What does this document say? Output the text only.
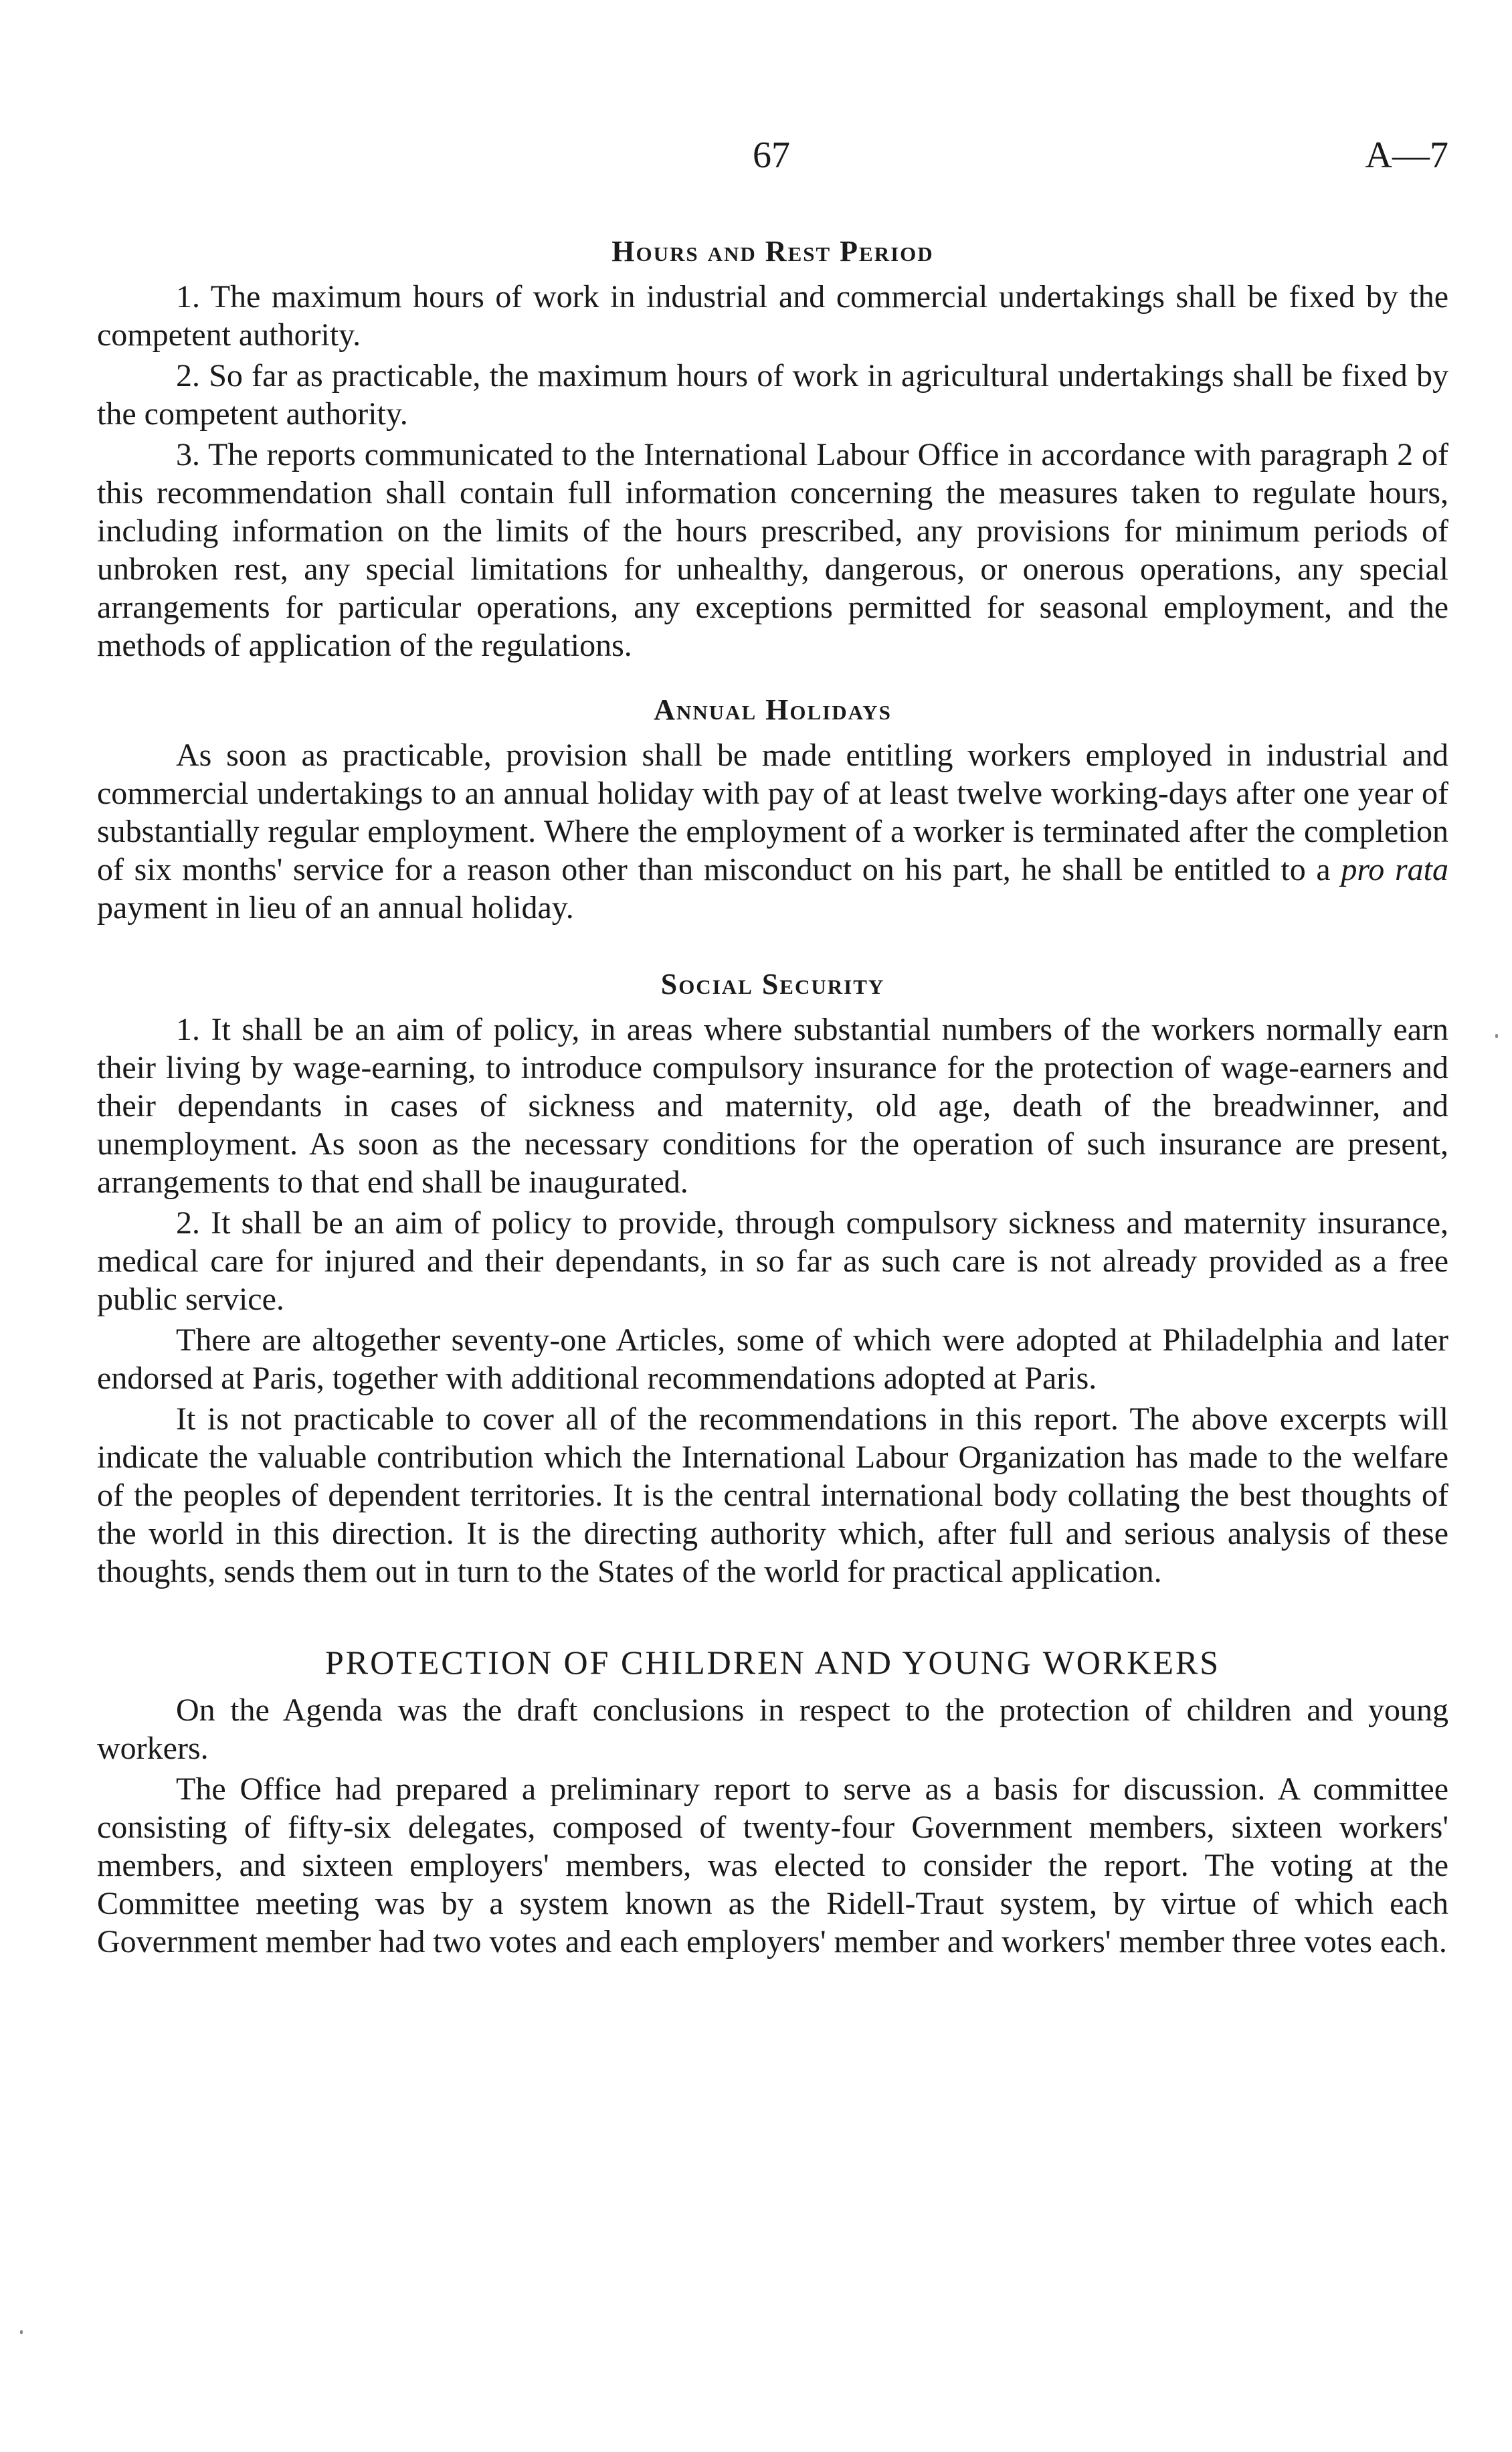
67	A—7
Hours and Rest Period

1. The maximum hours of work in industrial and commercial undertakings shall be fixed by the competent authority.

2. So far as practicable, the maximum hours of work in agricultural undertakings shall be fixed by the competent authority.

3. The reports communicated to the International Labour Office in accordance with paragraph 2 of this recommendation shall contain full information concerning the measures taken to regulate hours, including information on the limits of the hours prescribed, any provisions for minimum periods of unbroken rest, any special limitations for unhealthy, dangerous, or onerous operations, any special arrangements for particular operations, any exceptions permitted for seasonal employment, and the methods of application of the regulations.

Annual Holidays

As soon as practicable, provision shall be made entitling workers employed in industrial and commercial undertakings to an annual holiday with pay of at least twelve working-days after one year of substantially regular employment. Where the employment of a worker is terminated after the completion of six months' service for a reason other than misconduct on his part, he shall be entitled to a pro rata payment in lieu of an annual holiday.

Social Security

1. It shall be an aim of policy, in areas where substantial numbers of the workers normally earn their living by wage-earning, to introduce compulsory insurance for the protection of wage-earners and their dependants in cases of sickness and maternity, old age, death of the breadwinner, and unemployment. As soon as the necessary conditions for the operation of such insurance are present, arrangements to that end shall be inaugurated.

2. It shall be an aim of policy to provide, through compulsory sickness and maternity insurance, medical care for injured and their dependants, in so far as such care is not already provided as a free public service.

There are altogether seventy-one Articles, some of which were adopted at Philadelphia and later endorsed at Paris, together with additional recommendations adopted at Paris.

It is not practicable to cover all of the recommendations in this report. The above excerpts will indicate the valuable contribution which the International Labour Organization has made to the welfare of the peoples of dependent territories. It is the central international body collating the best thoughts of the world in this direction. It is the directing authority which, after full and serious analysis of these thoughts, sends them out in turn to the States of the world for practical application.

PROTECTION OF CHILDREN AND YOUNG WORKERS

On the Agenda was the draft conclusions in respect to the protection of children and young workers.

The Office had prepared a preliminary report to serve as a basis for discussion. A committee consisting of fifty-six delegates, composed of twenty-four Government members, sixteen workers' members, and sixteen employers' members, was elected to consider the report. The voting at the Committee meeting was by a system known as the Ridell-Traut system, by virtue of which each Government member had two votes and each employers' member and workers' member three votes each.
